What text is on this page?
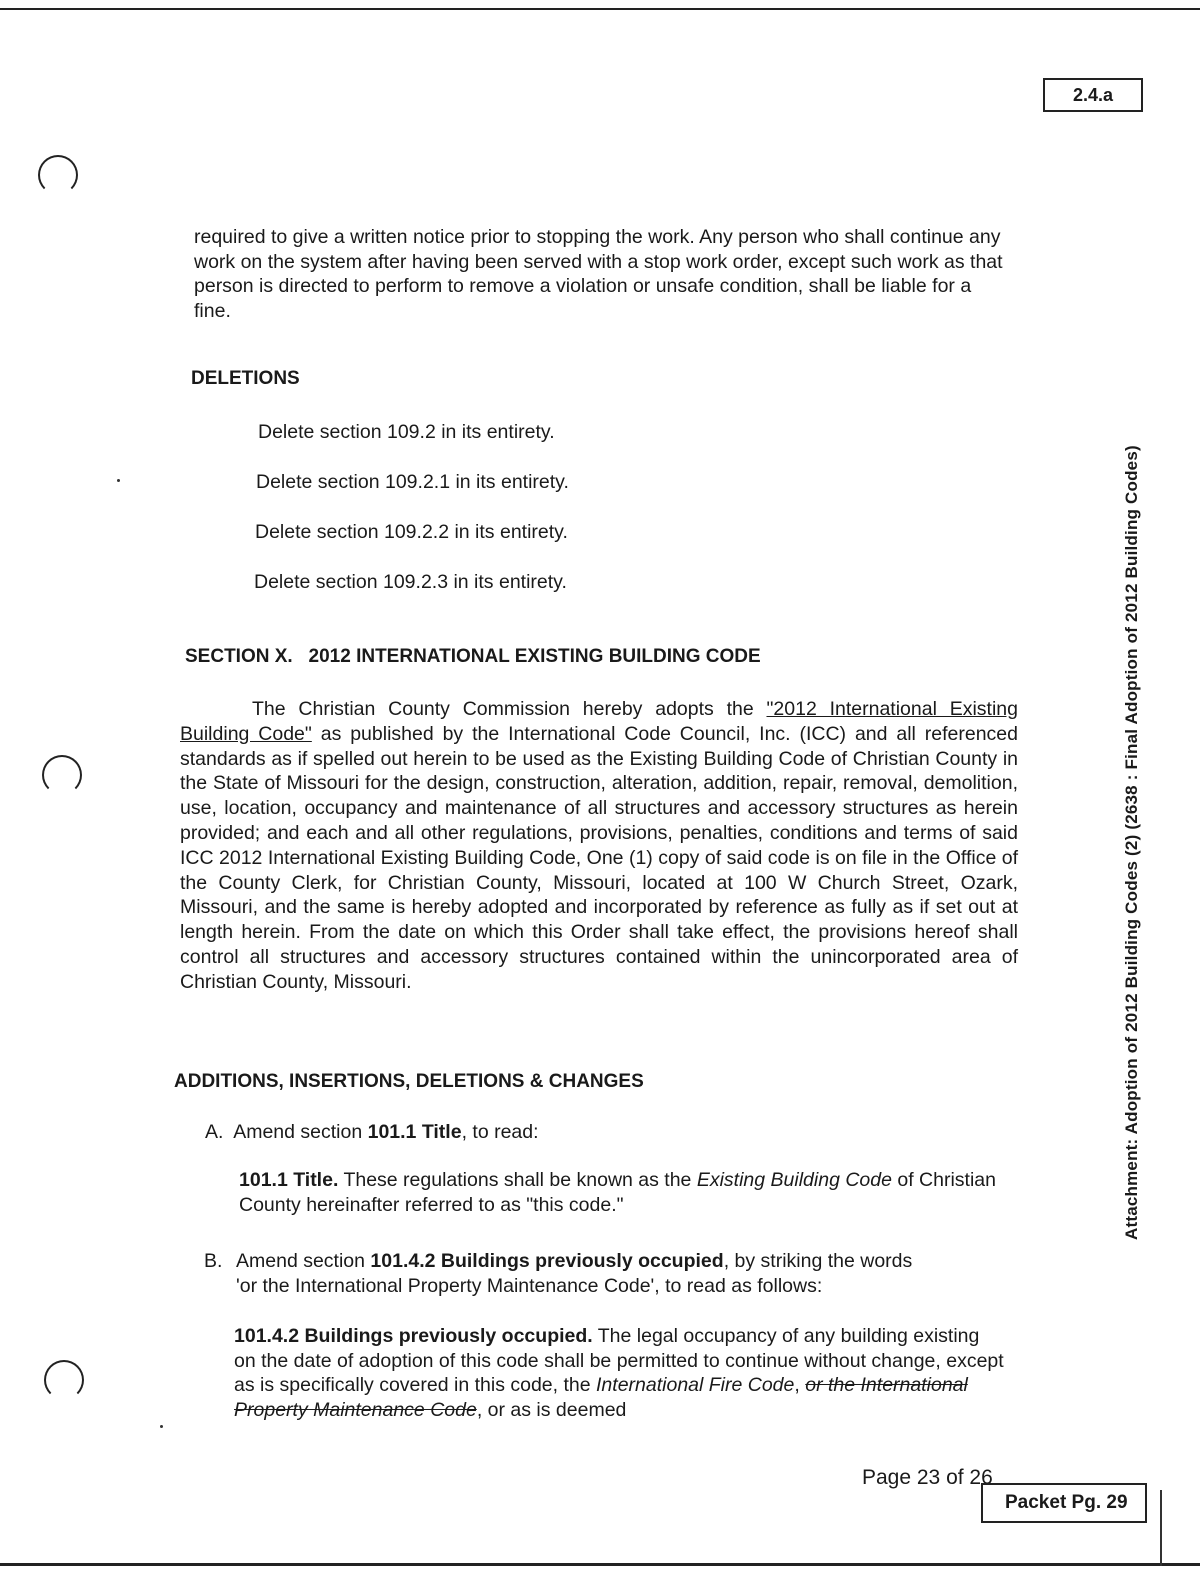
2.4.a
Attachment: Adoption of 2012 Building Codes (2) (2638 : Final Adoption of 2012 Building Codes)
required to give a written notice prior to stopping the work. Any person who shall continue any work on the system after having been served with a stop work order, except such work as that person is directed to perform to remove a violation or unsafe condition, shall be liable for a fine.
DELETIONS
Delete section 109.2 in its entirety.
Delete section 109.2.1 in its entirety.
Delete section 109.2.2 in its entirety.
Delete section 109.2.3 in its entirety.
SECTION X.   2012 INTERNATIONAL EXISTING BUILDING CODE
The Christian County Commission hereby adopts the "2012 International Existing Building Code" as published by the International Code Council, Inc. (ICC) and all referenced standards as if spelled out herein to be used as the Existing Building Code of Christian County in the State of Missouri for the design, construction, alteration, addition, repair, removal, demolition, use, location, occupancy and maintenance of all structures and accessory structures as herein provided; and each and all other regulations, provisions, penalties, conditions and terms of said ICC 2012 International Existing Building Code, One (1) copy of said code is on file in the Office of the County Clerk, for Christian County, Missouri, located at 100 W Church Street, Ozark, Missouri, and the same is hereby adopted and incorporated by reference as fully as if set out at length herein. From the date on which this Order shall take effect, the provisions hereof shall control all structures and accessory structures contained within the unincorporated area of Christian County, Missouri.
ADDITIONS, INSERTIONS, DELETIONS & CHANGES
A. Amend section 101.1 Title, to read:
101.1 Title. These regulations shall be known as the Existing Building Code of Christian County hereinafter referred to as "this code."
B. Amend section 101.4.2 Buildings previously occupied, by striking the words
'or the International Property Maintenance Code', to read as follows:
101.4.2 Buildings previously occupied. The legal occupancy of any building existing on the date of adoption of this code shall be permitted to continue without change, except as is specifically covered in this code, the International Fire Code, or the International Property Maintenance Code, or as is deemed
Page 23 of 26
Packet Pg. 29
